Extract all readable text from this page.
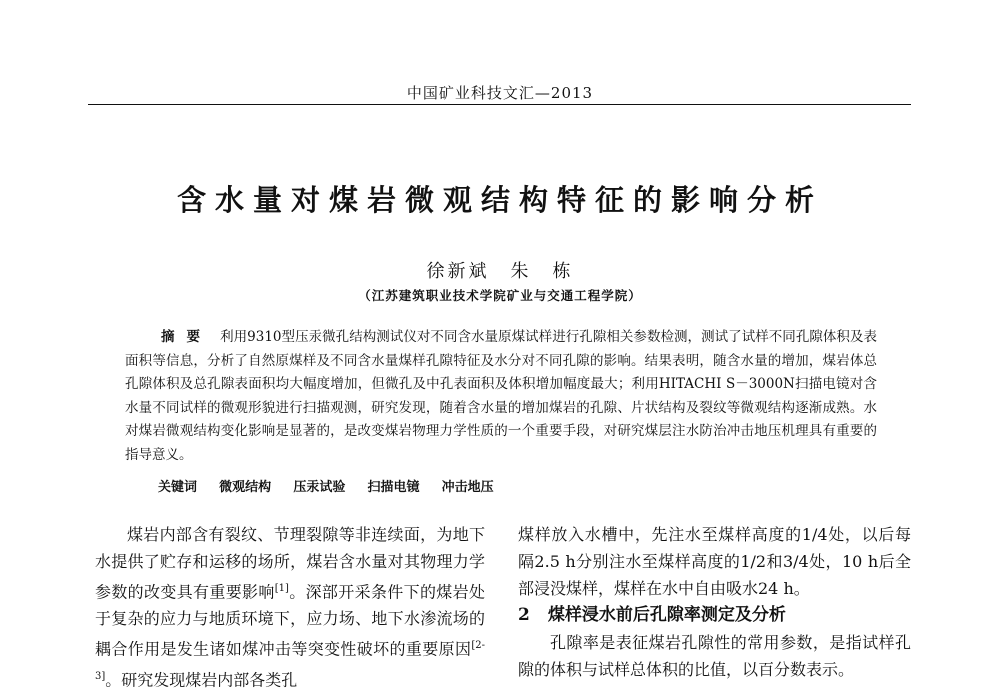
中国矿业科技文汇—2013
含水量对煤岩微观结构特征的影响分析
徐新斌　朱　栋
（江苏建筑职业技术学院矿业与交通工程学院）
摘要 利用9310型压汞微孔结构测试仪对不同含水量原煤试样进行孔隙相关参数检测，测试了试样不同孔隙体积及表面积等信息，分析了自然原煤样及不同含水量煤样孔隙特征及水分对不同孔隙的影响。结果表明，随含水量的增加，煤岩体总孔隙体积及总孔隙表面积均大幅度增加，但微孔及中孔表面积及体积增加幅度最大；利用HITACHI S－3000N扫描电镜对含水量不同试样的微观形貌进行扫描观测，研究发现，随着含水量的增加煤岩的孔隙、片状结构及裂纹等微观结构逐渐成熟。水对煤岩微观结构变化影响是显著的，是改变煤岩物理力学性质的一个重要手段，对研究煤层注水防治冲击地压机理具有重要的指导意义。
关键词 微观结构 压汞试验 扫描电镜 冲击地压

煤岩内部含有裂纹、节理裂隙等非连续面，为地下水提供了贮存和运移的场所，煤岩含水量对其物理力学参数的改变具有重要影响[1]。深部开采条件下的煤岩处于复杂的应力与地质环境下，应力场、地下水渗流场的耦合作用是发生诸如煤冲击等突变性破坏的重要原因[2-3]。研究发现煤岩内部各类孔

煤样放入水槽中，先注水至煤样高度的1/4处，以后每隔2.5 h分别注水至煤样高度的1/2和3/4处，10 h后全部浸没煤样，煤样在水中自由吸水24 h。

2 煤样浸水前后孔隙率测定及分析

孔隙率是表征煤岩孔隙性的常用参数，是指试样孔隙的体积与试样总体积的比值，以百分数表示。
